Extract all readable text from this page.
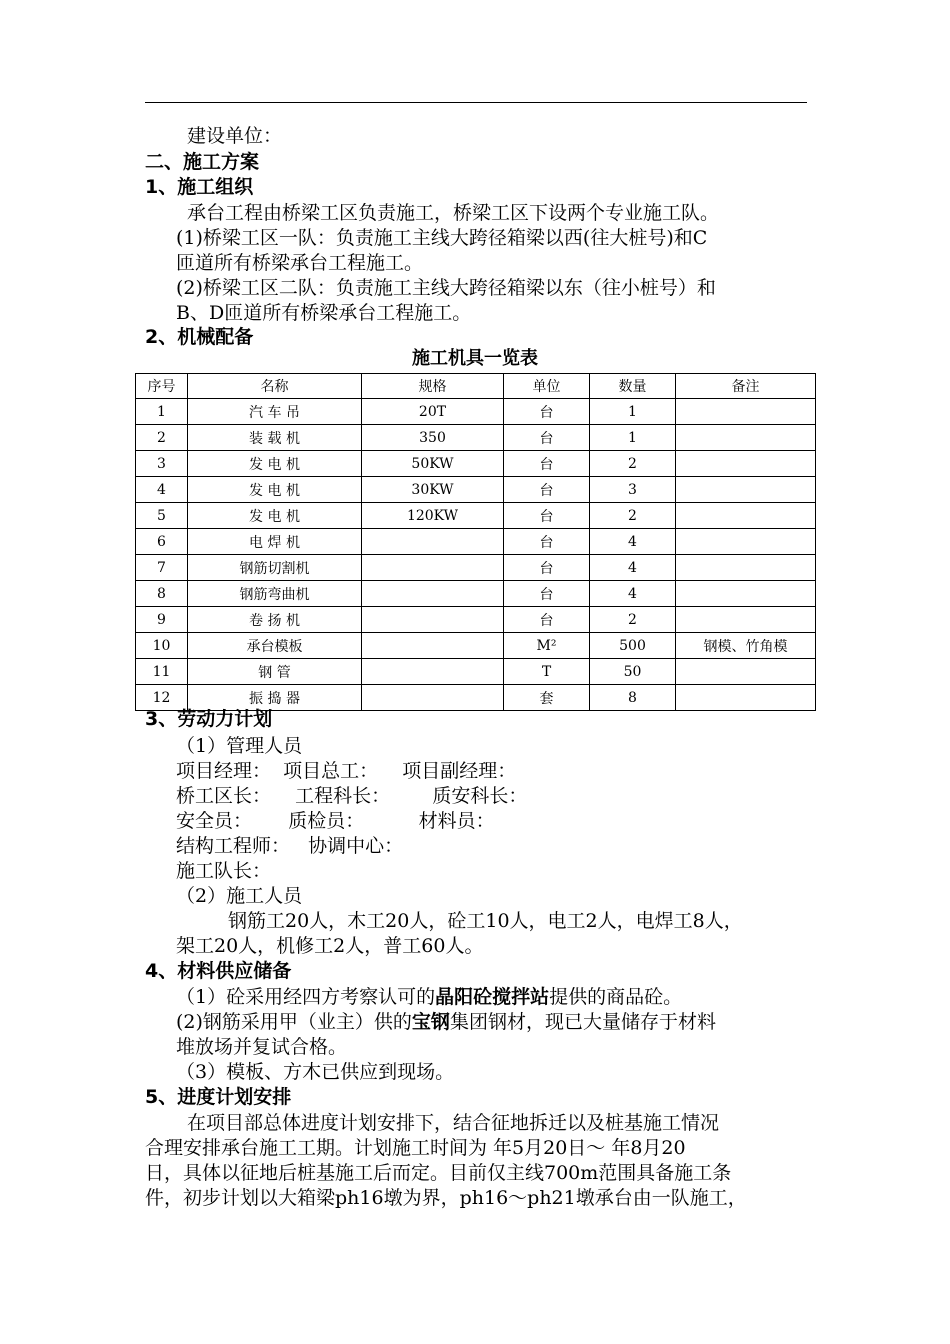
建设单位：
二、施工方案
1、施工组织
承台工程由桥梁工区负责施工，桥梁工区下设两个专业施工队。
(1)桥梁工区一队：负责施工主线大跨径箱梁以西(往大桩号)和C
匝道所有桥梁承台工程施工。
(2)桥梁工区二队：负责施工主线大跨径箱梁以东（往小桩号）和
B、D匝道所有桥梁承台工程施工。
2、机械配备
施工机具一览表
序号	名称	规格	单位	数量	备注
1	汽 车 吊	20T	台	1	
2	装 载 机	350	台	1	
3	发 电 机	50KW	台	2	
4	发 电 机	30KW	台	3	
5	发 电 机	120KW	台	2	
6	电 焊 机		台	4	
7	钢筋切割机		台	4	
8	钢筋弯曲机		台	4	
9	卷 扬 机		台	2	
10	承台模板		M²	500	钢模、竹角模
11	钢 管		T	50	
12	振 捣 器		套	8	
3、劳动力计划
（1）管理人员
项目经理：  项目总工：    项目副经理：
桥工区长：    工程科长：       质安科长：
安全员：      质检员：         材料员：
结构工程师：   协调中心：
施工队长：
（2）施工人员
钢筋工20人，木工20人，砼工10人，电工2人，电焊工8人，
架工20人，机修工2人，普工60人。
4、材料供应储备
（1）砼采用经四方考察认可的晶阳砼搅拌站提供的商品砼。
(2)钢筋采用甲（业主）供的宝钢集团钢材，现已大量储存于材料
堆放场并复试合格。
（3）模板、方木已供应到现场。
5、进度计划安排
在项目部总体进度计划安排下，结合征地拆迁以及桩基施工情况
合理安排承台施工工期。计划施工时间为 年5月20日～ 年8月20
日，具体以征地后桩基施工后而定。目前仅主线700m范围具备施工条
件，初步计划以大箱梁ph16墩为界，ph16～ph21墩承台由一队施工，
